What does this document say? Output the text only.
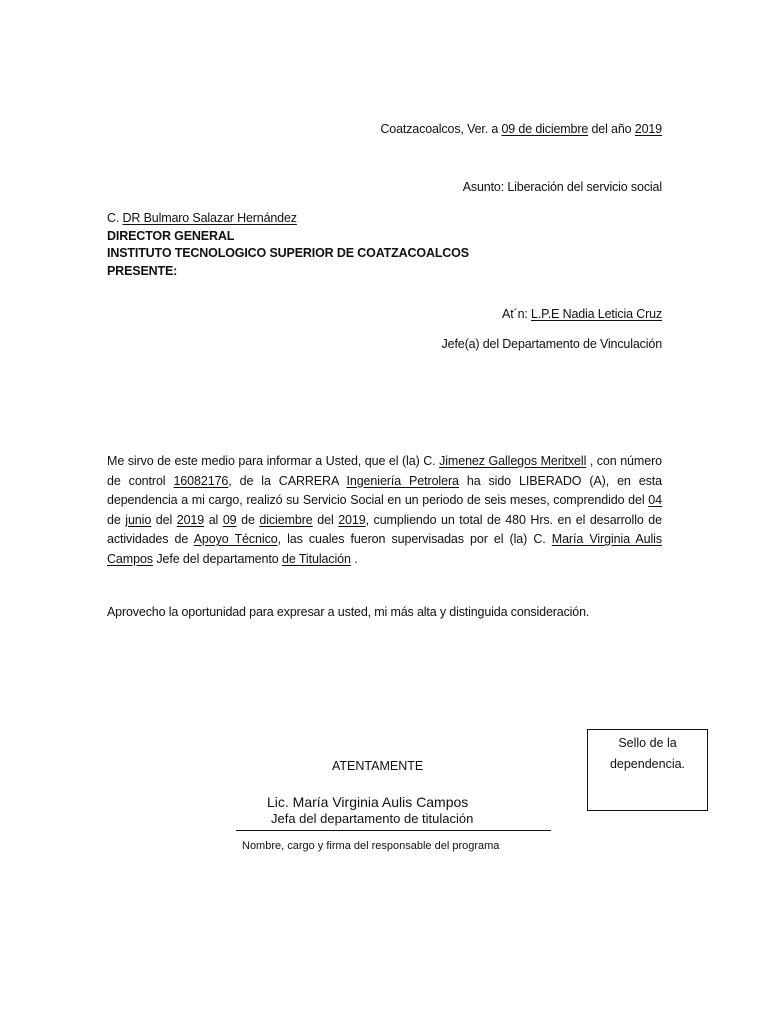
Coatzacoalcos, Ver. a 09 de diciembre del año 2019
Asunto: Liberación del servicio social
C. DR Bulmaro Salazar Hernández
DIRECTOR GENERAL
INSTITUTO TECNOLOGICO SUPERIOR DE COATZACOALCOS
PRESENTE:
At´n: L.P.E Nadia Leticia Cruz
Jefe(a) del Departamento de Vinculación
Me sirvo de este medio para informar a Usted, que el (la) C. Jimenez Gallegos Meritxell , con número de control 16082176, de la CARRERA Ingeniería Petrolera ha sido LIBERADO (A), en esta dependencia a mi cargo, realizó su Servicio Social en un periodo de seis meses, comprendido del 04 de junio del 2019 al 09 de diciembre del 2019, cumpliendo un total de 480 Hrs. en el desarrollo de actividades de Apoyo Técnico, las cuales fueron supervisadas por el (la) C. María Virginia Aulis Campos Jefe del departamento de Titulación .
Aprovecho la oportunidad para expresar a usted, mi más alta y distinguida consideración.
Sello de la
dependencia.
ATENTAMENTE
Lic. María Virginia Aulis Campos
Jefa del departamento de titulación
Nombre, cargo y firma del responsable del programa
